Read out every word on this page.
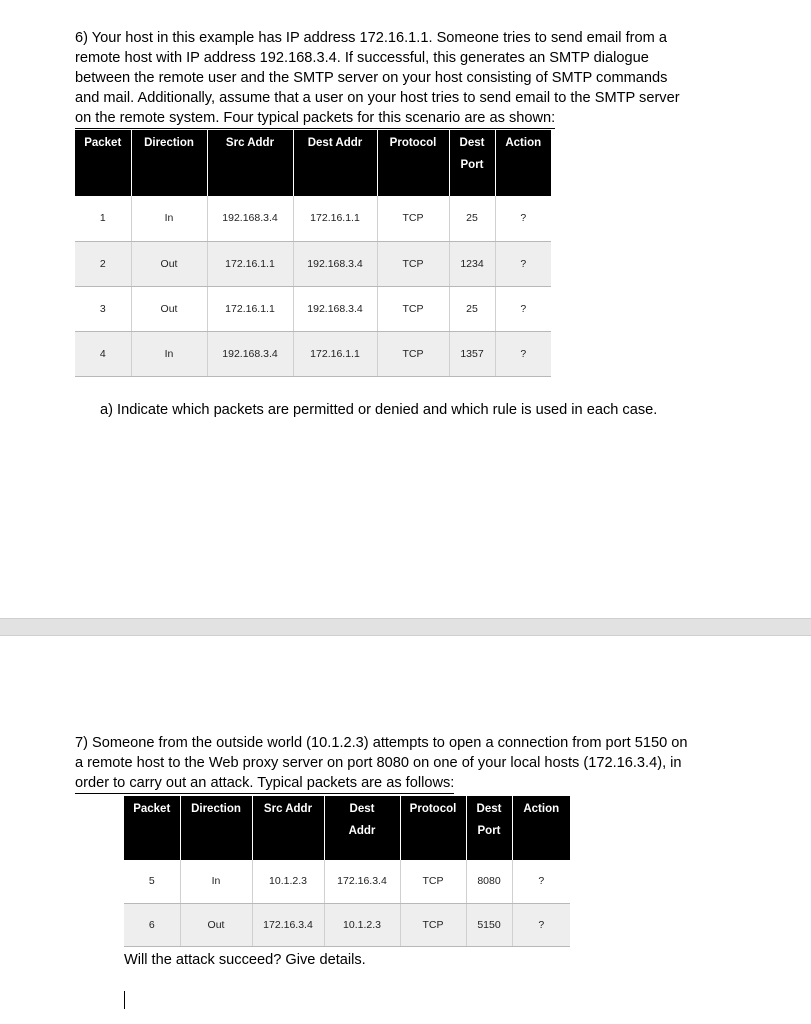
6) Your host in this example has IP address 172.16.1.1. Someone tries to send email from a
remote host with IP address 192.168.3.4. If successful, this generates an SMTP dialogue
between the remote user and the SMTP server on your host consisting of SMTP commands
and mail. Additionally, assume that a user on your host tries to send email to the SMTP server
on the remote system. Four typical packets for this scenario are as shown:
Packet	Direction	Src Addr	Dest Addr	Protocol	Dest Port	Action
1	In	192.168.3.4	172.16.1.1	TCP	25	?
2	Out	172.16.1.1	192.168.3.4	TCP	1234	?
3	Out	172.16.1.1	192.168.3.4	TCP	25	?
4	In	192.168.3.4	172.16.1.1	TCP	1357	?

a) Indicate which packets are permitted or denied and which rule is used in each case.

7) Someone from the outside world (10.1.2.3) attempts to open a connection from port 5150 on
a remote host to the Web proxy server on port 8080 on one of your local hosts (172.16.3.4), in
order to carry out an attack. Typical packets are as follows:
Packet	Direction	Src Addr	Dest Addr	Protocol	Dest Port	Action
5	In	10.1.2.3	172.16.3.4	TCP	8080	?
6	Out	172.16.3.4	10.1.2.3	TCP	5150	?

Will the attack succeed? Give details.
